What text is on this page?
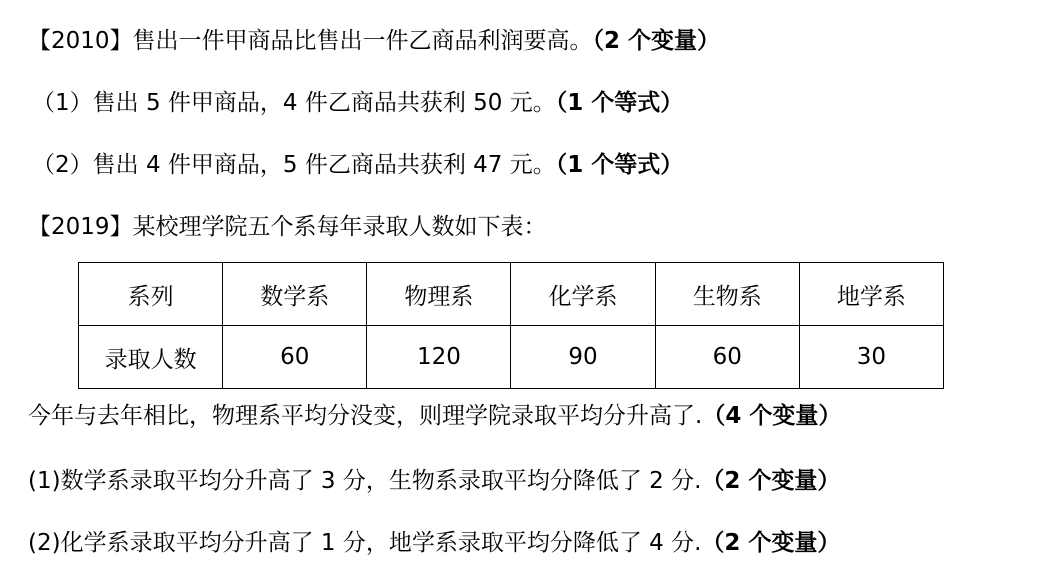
【2010】售出一件甲商品比售出一件乙商品利润要高。（2 个变量）
（1）售出 5 件甲商品，4 件乙商品共获利 50 元。（1 个等式）
（2）售出 4 件甲商品，5 件乙商品共获利 47 元。（1 个等式）
【2019】某校理学院五个系每年录取人数如下表：
系列	数学系	物理系	化学系	生物系	地学系
录取人数	60	120	90	60	30
今年与去年相比，物理系平均分没变，则理学院录取平均分升高了.（4 个变量）
(1)数学系录取平均分升高了 3 分，生物系录取平均分降低了 2 分.（2 个变量）
(2)化学系录取平均分升高了 1 分，地学系录取平均分降低了 4 分.（2 个变量）
